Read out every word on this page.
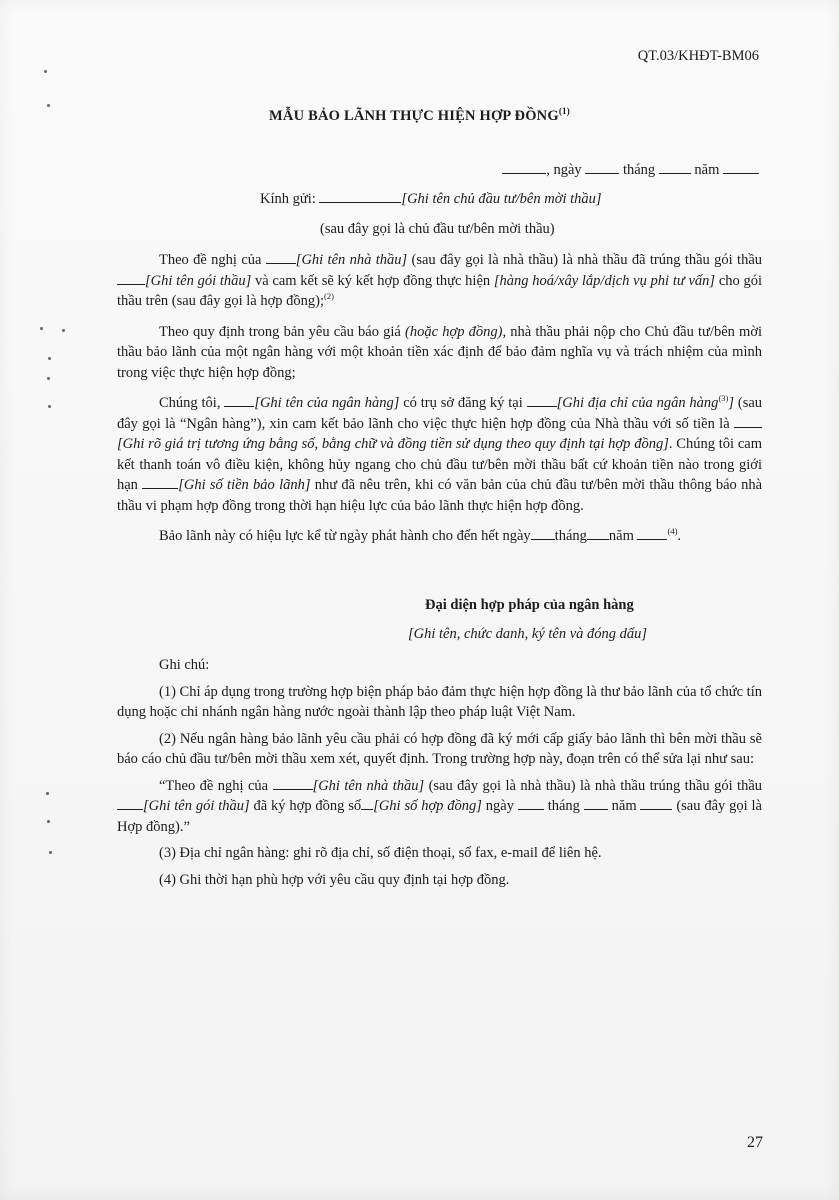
QT.03/KHĐT-BM06
MẪU BẢO LÃNH THỰC HIỆN HỢP ĐỒNG$^{(1)}$
, ngày	tháng	năm
Kính gửi:	[Ghi tên chủ đầu tư/bên mời thầu]
(sau đây gọi là chủ đầu tư/bên mời thầu)

Theo đề nghị của [Ghi tên nhà thầu] (sau đây gọi là nhà thầu) là nhà thầu đã trúng thầu gói thầu [Ghi tên gói thầu] và cam kết sẽ ký kết hợp đồng thực hiện [hàng hoá/xây lắp/dịch vụ phi tư vấn] cho gói thầu trên (sau đây gọi là hợp đồng);$^{(2)}$

Theo quy định trong bản yêu cầu báo giá (hoặc hợp đồng), nhà thầu phải nộp cho Chủ đầu tư/bên mời thầu bảo lãnh của một ngân hàng với một khoản tiền xác định để bảo đảm nghĩa vụ và trách nhiệm của mình trong việc thực hiện hợp đồng;

Chúng tôi, [Ghi tên của ngân hàng] có trụ sở đăng ký tại [Ghi địa chỉ của ngân hàng$^{(3)}$] (sau đây gọi là “Ngân hàng”), xin cam kết bảo lãnh cho việc thực hiện hợp đồng của Nhà thầu với số tiền là [Ghi rõ giá trị tương ứng bằng số, bằng chữ và đồng tiền sử dụng theo quy định tại hợp đồng]. Chúng tôi cam kết thanh toán vô điều kiện, không hủy ngang cho chủ đầu tư/bên mời thầu bất cứ khoản tiền nào trong giới hạn	[Ghi số tiền bảo lãnh] như đã nêu trên, khi có văn bản của chủ đầu tư/bên mời thầu thông báo nhà thầu vi phạm hợp đồng trong thời hạn hiệu lực của bảo lãnh thực hiện hợp đồng.

Bảo lãnh này có hiệu lực kể từ ngày phát hành cho đến hết ngày tháng năm	$^{(4)}$.

Đại diện hợp pháp của ngân hàng
[Ghi tên, chức danh, ký tên và đóng dấu]

Ghi chú:

(1) Chỉ áp dụng trong trường hợp biện pháp bảo đảm thực hiện hợp đồng là thư bảo lãnh của tổ chức tín dụng hoặc chi nhánh ngân hàng nước ngoài thành lập theo pháp luật Việt Nam.

(2) Nếu ngân hàng bảo lãnh yêu cầu phải có hợp đồng đã ký mới cấp giấy bảo lãnh thì bên mời thầu sẽ báo cáo chủ đầu tư/bên mời thầu xem xét, quyết định. Trong trường hợp này, đoạn trên có thể sửa lại như sau:

“Theo đề nghị của	[Ghi tên nhà thầu] (sau đây gọi là nhà thầu) là nhà thầu trúng thầu gói thầu [Ghi tên gói thầu] đã ký hợp đồng số [Ghi số hợp đồng] ngày tháng năm	(sau đây gọi là Hợp đồng).”

(3) Địa chỉ ngân hàng: ghi rõ địa chỉ, số điện thoại, số fax, e-mail để liên hệ.

(4) Ghi thời hạn phù hợp với yêu cầu quy định tại hợp đồng.

27
